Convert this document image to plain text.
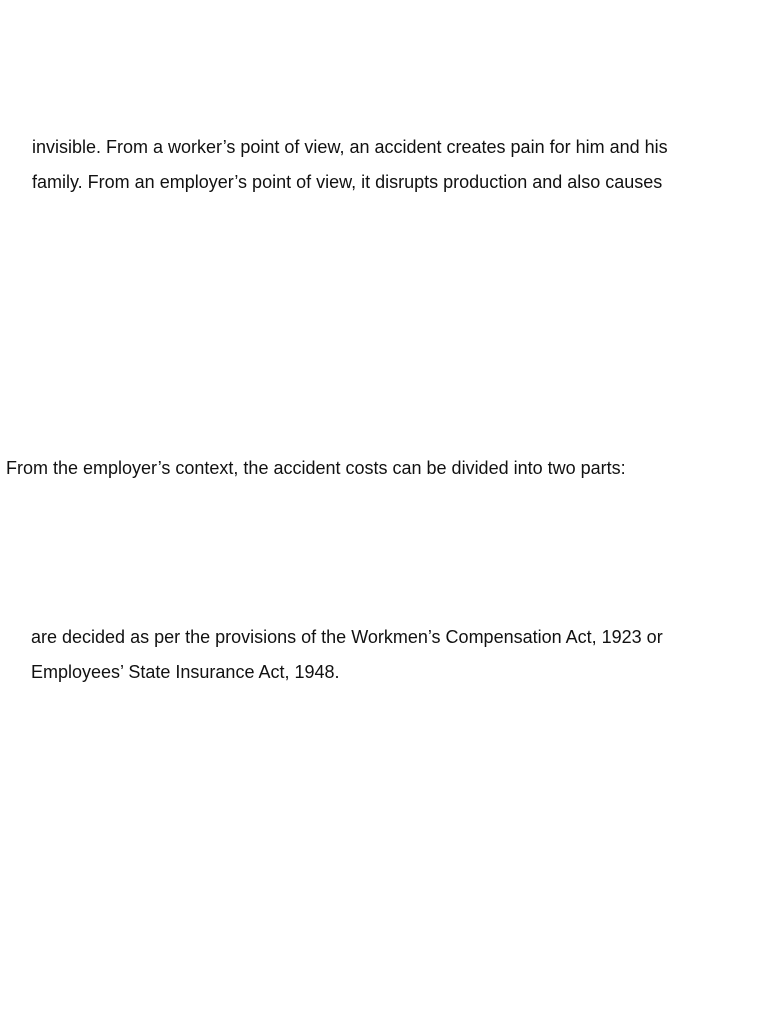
invisible. From a worker’s point of view, an accident creates pain for him and his
family. From an employer’s point of view, it disrupts production and also causes
From the employer’s context, the accident costs can be divided into two parts:
are decided as per the provisions of the Workmen’s Compensation Act, 1923 or
Employees’ State Insurance Act, 1948.
